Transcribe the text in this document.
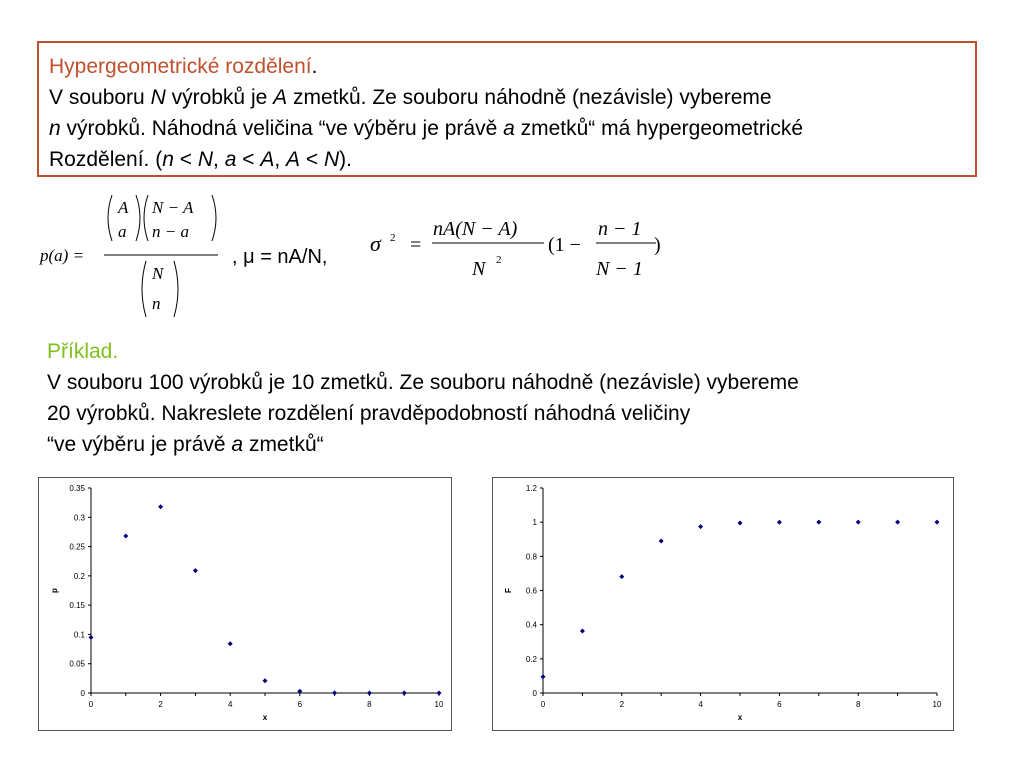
Hypergeometrické rozdělení.
V souboru N výrobků je A zmetků. Ze souboru náhodně (nezávisle) vybereme
n výrobků. Náhodná veličina “ve výběru je právě a zmetků“ má hypergeometrické
Rozdělení. (n < N, a < A, A < N).
p(a) =
A
a
N − A
n − a
N
n
, μ = nA/N,
σ 2 =
nA(N − A)
N 2
(1 −
n − 1
N − 1
)
Příklad.
V souboru 100 výrobků je 10 zmetků. Ze souboru náhodně (nezávisle) vybereme
20 výrobků. Nakreslete rozdělení pravděpodobností náhodná veličiny
“ve výběru je právě a zmetků“
0
0.05
0.1
0.15
0.2
0.25
0.3
0.35
0	2	4	6	8	10
x
p
0
0.2
0.4
0.6
0.8
1
1.2
0	2	4	6	8	10
x
F
